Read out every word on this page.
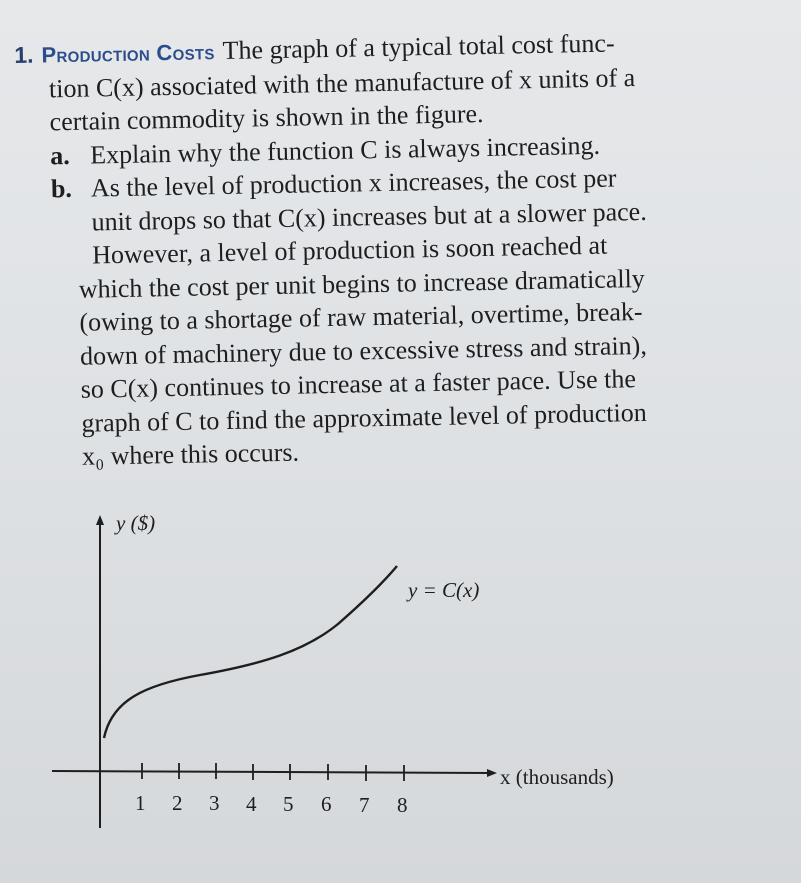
1. Production Costs The graph of a typical total cost func-
tion C(x) associated with the manufacture of x units of a
certain commodity is shown in the figure.
a. Explain why the function C is always increasing.
b. As the level of production x increases, the cost per
unit drops so that C(x) increases but at a slower pace.
However, a level of production is soon reached at
which the cost per unit begins to increase dramatically
(owing to a shortage of raw material, overtime, break-
down of machinery due to excessive stress and strain),
so C(x) continues to increase at a faster pace. Use the
graph of C to find the approximate level of production
x₀ where this occurs.
y ($)
y = C(x)
x (thousands)
1 2 3 4 5 6 7 8
